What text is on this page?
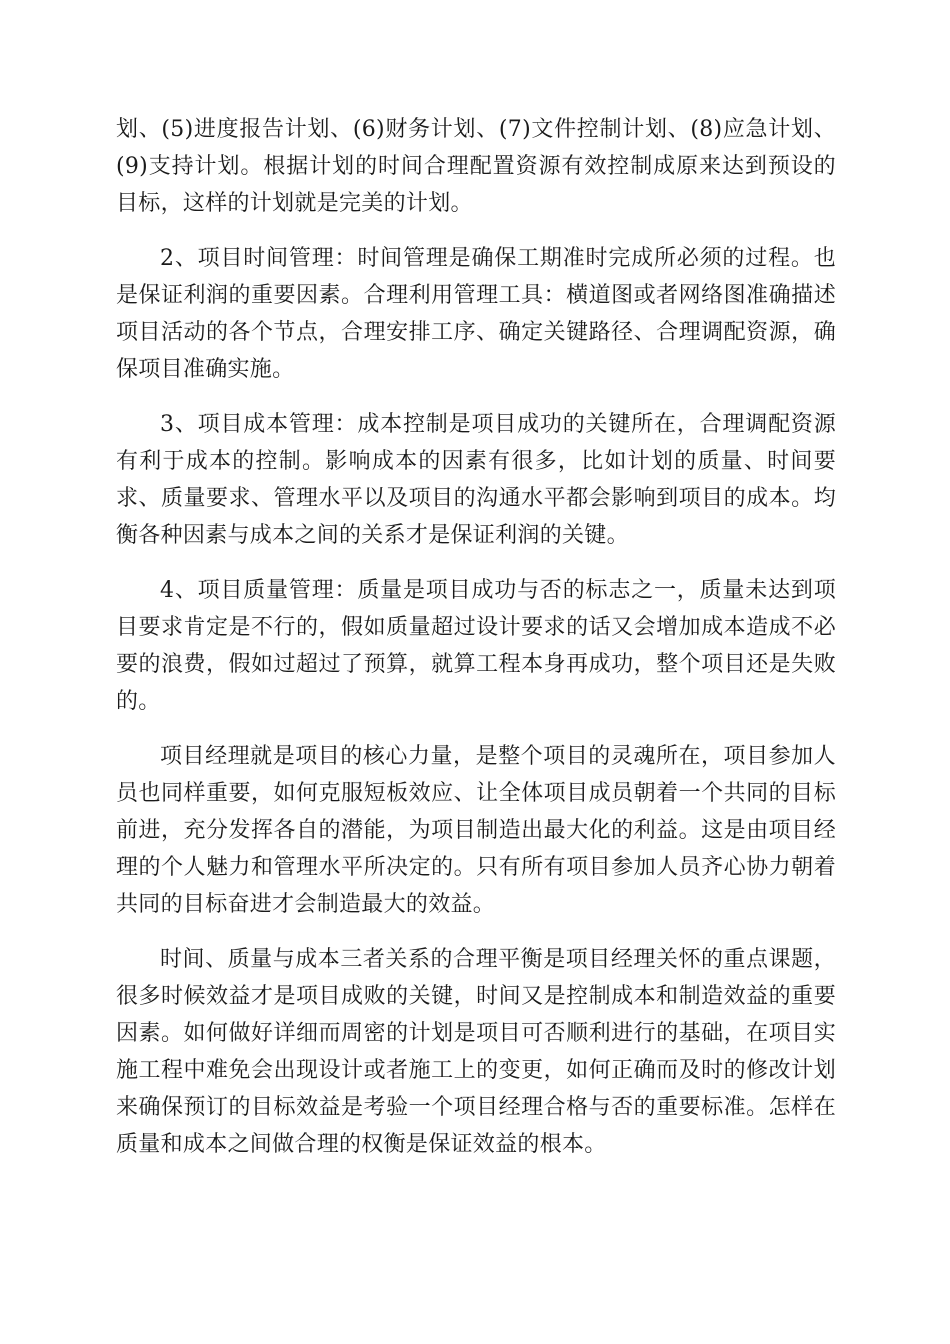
划、(5)进度报告计划、(6)财务计划、(7)文件控制计划、(8)应急计划、(9)支持计划。根据计划的时间合理配置资源有效控制成原来达到预设的目标，这样的计划就是完美的计划。

2、项目时间管理：时间管理是确保工期准时完成所必须的过程。也是保证利润的重要因素。合理利用管理工具：横道图或者网络图准确描述项目活动的各个节点，合理安排工序、确定关键路径、合理调配资源，确保项目准确实施。

3、项目成本管理：成本控制是项目成功的关键所在，合理调配资源有利于成本的控制。影响成本的因素有很多，比如计划的质量、时间要求、质量要求、管理水平以及项目的沟通水平都会影响到项目的成本。均衡各种因素与成本之间的关系才是保证利润的关键。

4、项目质量管理：质量是项目成功与否的标志之一，质量未达到项目要求肯定是不行的，假如质量超过设计要求的话又会增加成本造成不必要的浪费，假如过超过了预算，就算工程本身再成功，整个项目还是失败的。

项目经理就是项目的核心力量，是整个项目的灵魂所在，项目参加人员也同样重要，如何克服短板效应、让全体项目成员朝着一个共同的目标前进，充分发挥各自的潜能，为项目制造出最大化的利益。这是由项目经理的个人魅力和管理水平所决定的。只有所有项目参加人员齐心协力朝着共同的目标奋进才会制造最大的效益。

时间、质量与成本三者关系的合理平衡是项目经理关怀的重点课题，很多时候效益才是项目成败的关键，时间又是控制成本和制造效益的重要因素。如何做好详细而周密的计划是项目可否顺利进行的基础，在项目实施工程中难免会出现设计或者施工上的变更，如何正确而及时的修改计划来确保预订的目标效益是考验一个项目经理合格与否的重要标准。怎样在质量和成本之间做合理的权衡是保证效益的根本。
